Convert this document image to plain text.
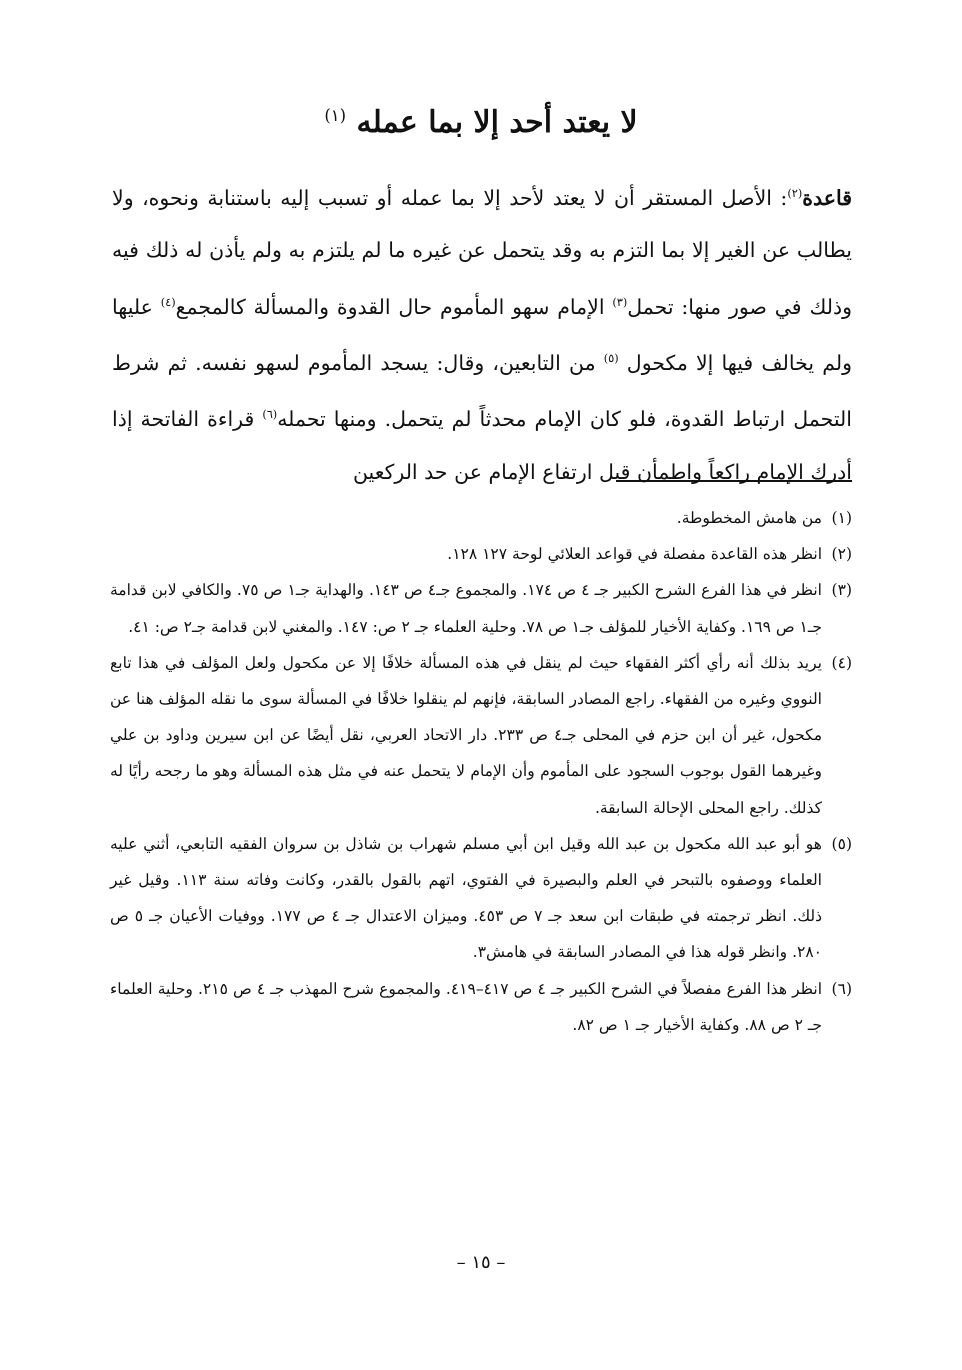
لا يعتد أحد إلا بما عمله $^{(١)}$

قاعدة$^{(٢)}$: الأصل المستقر أن لا يعتد لأحد إلا بما عمله أو تسبب إليه باستنابة ونحوه، ولا يطالب عن الغير إلا بما التزم به وقد يتحمل عن غيره ما لم يلتزم به ولم يأذن له ذلك فيه وذلك في صور منها: تحمل$^{(٣)}$ الإمام سهو المأموم حال القدوة والمسألة كالمجمع$^{(٤)}$ عليها ولم يخالف فيها إلا مكحول $^{(٥)}$ من التابعين، وقال: يسجد المأموم لسهو نفسه. ثم شرط التحمل ارتباط القدوة، فلو كان الإمام محدثاً لم يتحمل. ومنها تحمله$^{(٦)}$ قراءة الفاتحة إذا أدرك الإمام راكعاً واطمأن قبل ارتفاع الإمام عن حد الركعين

(١)
من هامش المخطوطة.
(٢)
انظر هذه القاعدة مفصلة في قواعد العلائي لوحة ١٢٧ ١٢٨.
(٣)
انظر في هذا الفرع الشرح الكبير جـ ٤ ص ١٧٤. والمجموع جـ٤ ص ١٤٣. والهداية جـ١ ص ٧٥. والكافي لابن قدامة جـ١ ص ١٦٩. وكفاية الأخيار للمؤلف جـ١ ص ٧٨. وحلية العلماء جـ ٢ ص: ١٤٧. والمغني لابن قدامة جـ٢ ص: ٤١.
(٤)
يريد بذلك أنه رأي أكثر الفقهاء حيث لم ينقل في هذه المسألة خلافًا إلا عن مكحول ولعل المؤلف في هذا تابع النووي وغيره من الفقهاء. راجع المصادر السابقة، فإنهم لم ينقلوا خلافًا في المسألة سوى ما نقله المؤلف هنا عن مكحول، غير أن ابن حزم في المحلى جـ٤ ص ٢٣٣. دار الاتحاد العربي، نقل أيضًا عن ابن سيرين وداود بن علي وغيرهما القول بوجوب السجود على المأموم وأن الإمام لا يتحمل عنه في مثل هذه المسألة وهو ما رجحه رأيًا له كذلك. راجع المحلى الإحالة السابقة.
(٥)
هو أبو عبد الله مكحول بن عبد الله وقيل ابن أبي مسلم شهراب بن شاذل بن سروان الفقيه التابعي، أثني عليه العلماء ووصفوه بالتبحر في العلم والبصيرة في الفتوي، اتهم بالقول بالقدر، وكانت وفاته سنة ١١٣. وقيل غير ذلك. انظر ترجمته في طبقات ابن سعد جـ ٧ ص ٤٥٣. وميزان الاعتدال جـ ٤ ص ١٧٧. ووفيات الأعيان جـ ٥ ص ٢٨٠. وانظر قوله هذا في المصادر السابقة في هامش٣.
(٦)
انظر هذا الفرع مفصلاً في الشرح الكبير جـ ٤ ص ٤١٧–٤١٩. والمجموع شرح المهذب جـ ٤ ص ٢١٥. وحلية العلماء جـ ٢ ص ٨٨. وكفاية الأخيار جـ ١ ص ٨٢.
– ١٥ –
